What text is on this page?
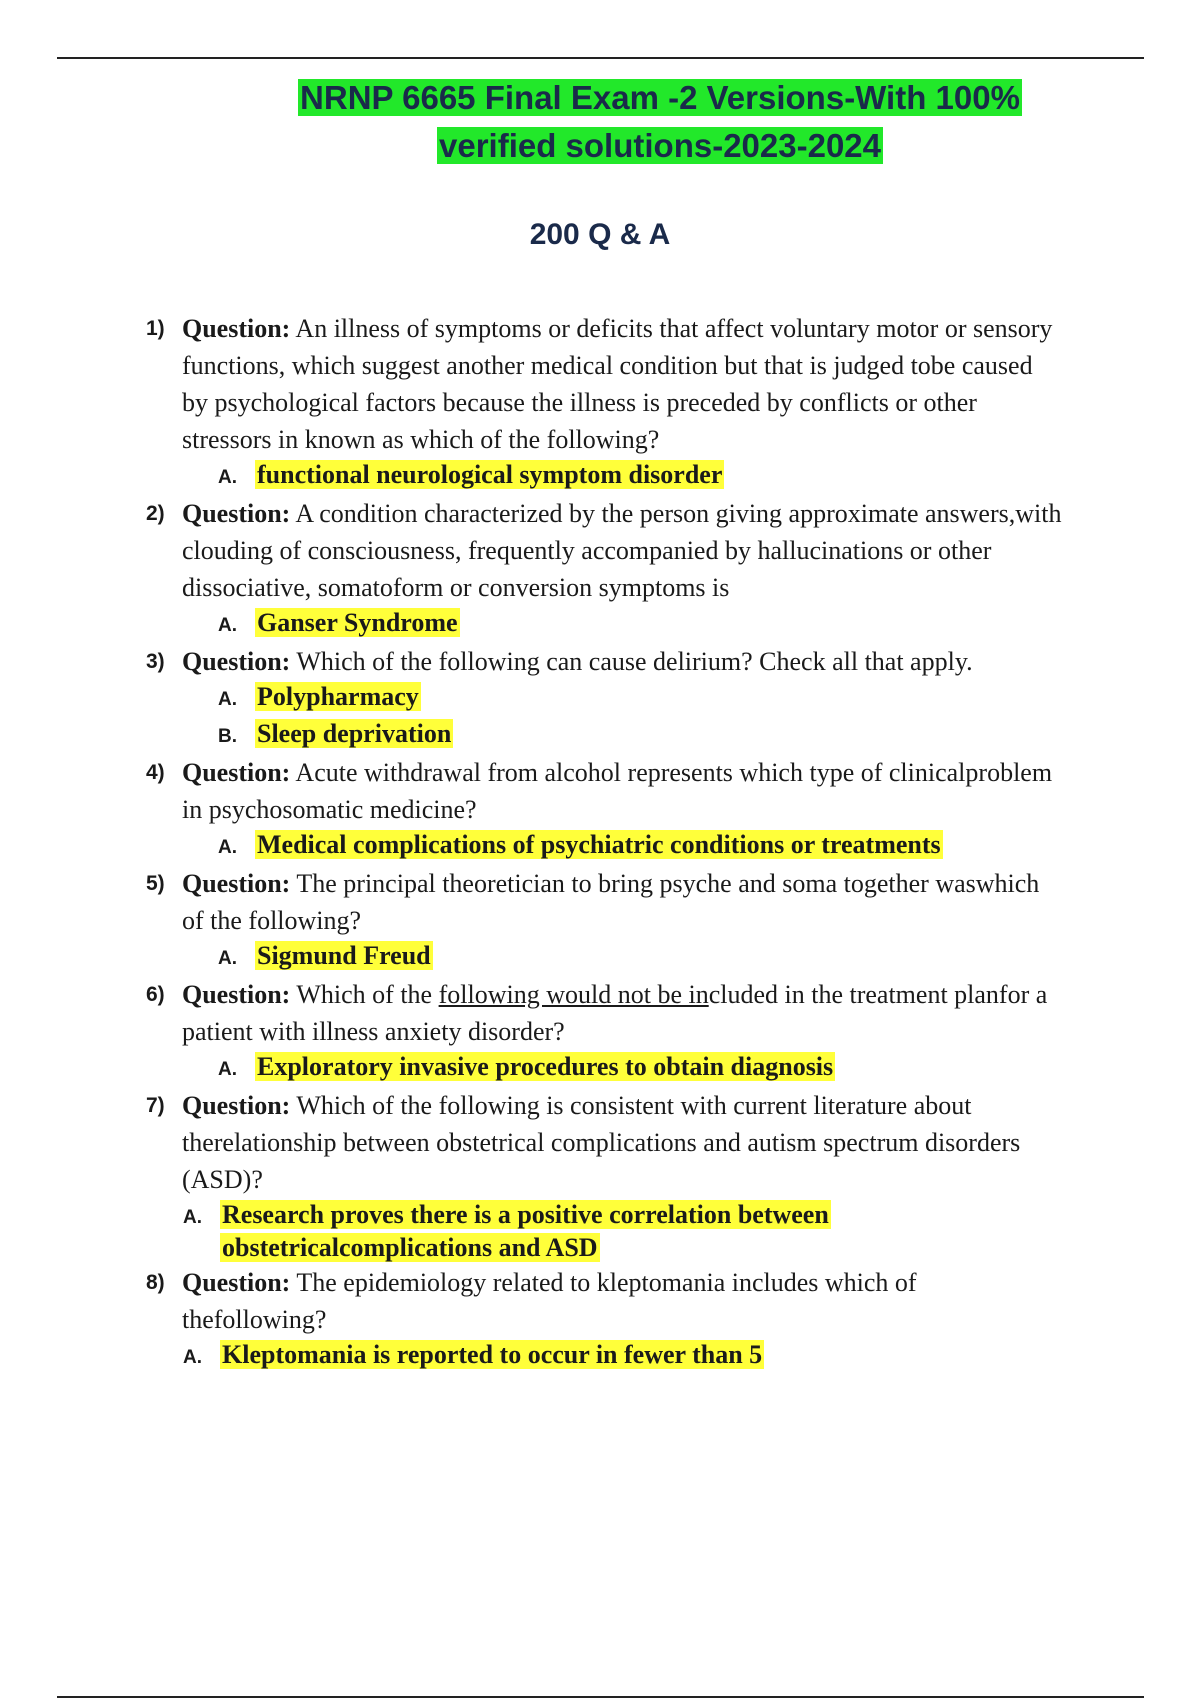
NRNP 6665 Final Exam -2 Versions-With 100%
verified solutions-2023-2024
200 Q & A
1) Question: An illness of symptoms or deficits that affect voluntary motor or sensory functions, which suggest another medical condition but that is judged tobe caused by psychological factors because the illness is preceded by conflicts or other stressors in known as which of the following?
A. functional neurological symptom disorder
2) Question: A condition characterized by the person giving approximate answers,with clouding of consciousness, frequently accompanied by hallucinations or other dissociative, somatoform or conversion symptoms is
A. Ganser Syndrome
3) Question: Which of the following can cause delirium? Check all that apply.
A. Polypharmacy
B. Sleep deprivation
4) Question: Acute withdrawal from alcohol represents which type of clinicalproblem in psychosomatic medicine?
A. Medical complications of psychiatric conditions or treatments
5) Question: The principal theoretician to bring psyche and soma together waswhich of the following?
A. Sigmund Freud
6) Question: Which of the following would not be included in the treatment planfor a patient with illness anxiety disorder?
A. Exploratory invasive procedures to obtain diagnosis
7) Question: Which of the following is consistent with current literature about therelationship between obstetrical complications and autism spectrum disorders (ASD)?
A. Research proves there is a positive correlation between obstetricalcomplications and ASD
8) Question: The epidemiology related to kleptomania includes which of thefollowing?
A. Kleptomania is reported to occur in fewer than 5
